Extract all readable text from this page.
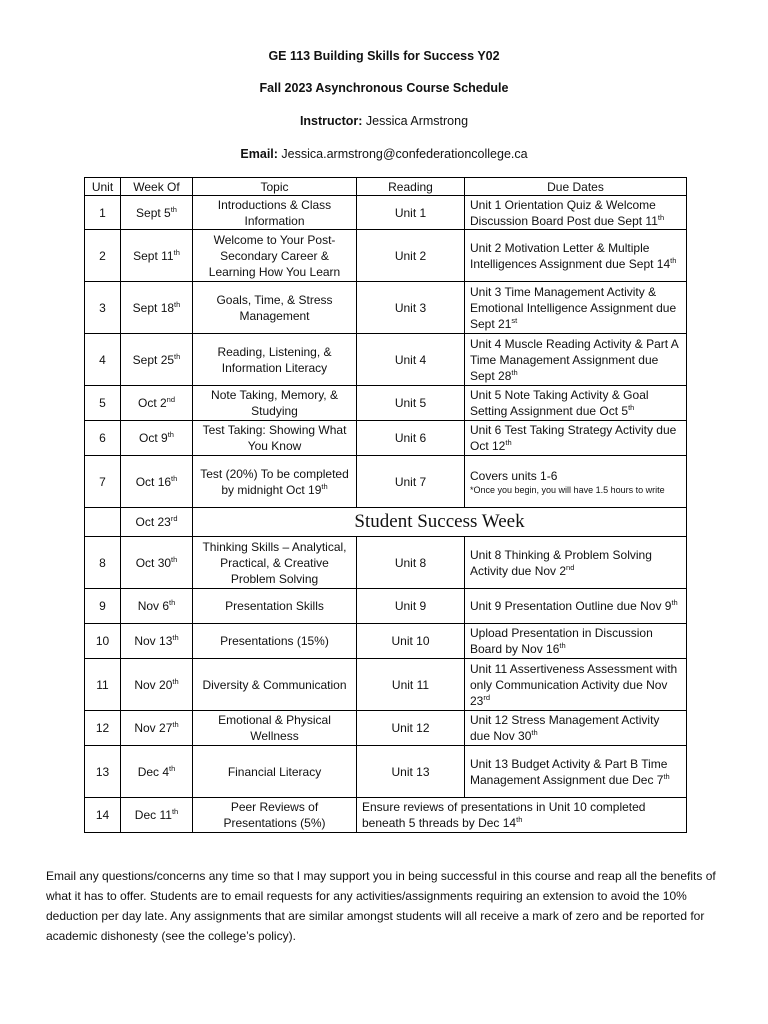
GE 113 Building Skills for Success Y02
Fall 2023 Asynchronous Course Schedule
Instructor: Jessica Armstrong
Email: Jessica.armstrong@confederationcollege.ca
Unit	Week Of	Topic	Reading	Due Dates
1	Sept 5th	Introductions & Class Information	Unit 1	Unit 1 Orientation Quiz & Welcome Discussion Board Post due Sept 11th
2	Sept 11th	Welcome to Your Post-Secondary Career & Learning How You Learn	Unit 2	Unit 2 Motivation Letter & Multiple Intelligences Assignment due Sept 14th
3	Sept 18th	Goals, Time, & Stress Management	Unit 3	Unit 3 Time Management Activity & Emotional Intelligence Assignment due Sept 21st
4	Sept 25th	Reading, Listening, & Information Literacy	Unit 4	Unit 4 Muscle Reading Activity & Part A Time Management Assignment due Sept 28th
5	Oct 2nd	Note Taking, Memory, & Studying	Unit 5	Unit 5 Note Taking Activity & Goal Setting Assignment due Oct 5th
6	Oct 9th	Test Taking: Showing What You Know	Unit 6	Unit 6 Test Taking Strategy Activity due Oct 12th
7	Oct 16th	Test (20%) To be completed by midnight Oct 19th	Unit 7	Covers units 1-6
*Once you begin, you will have 1.5 hours to write

	Oct 23rd	Student Success Week		
8	Oct 30th	Thinking Skills – Analytical, Practical, & Creative Problem Solving	Unit 8	Unit 8 Thinking & Problem Solving Activity due Nov 2nd
9	Nov 6th	Presentation Skills	Unit 9	Unit 9 Presentation Outline due Nov 9th
10	Nov 13th	Presentations (15%)	Unit 10	Upload Presentation in Discussion Board by Nov 16th
11	Nov 20th	Diversity & Communication	Unit 11	Unit 11 Assertiveness Assessment with only Communication Activity due Nov 23rd
12	Nov 27th	Emotional & Physical Wellness	Unit 12	Unit 12 Stress Management Activity due Nov 30th
13	Dec 4th	Financial Literacy	Unit 13	Unit 13 Budget Activity & Part B Time Management Assignment due Dec 7th
14	Dec 11th	Peer Reviews of Presentations (5%)	Ensure reviews of presentations in Unit 10 completed beneath 5 threads by Dec 14th
Email any questions/concerns any time so that I may support you in being successful in this course and reap all the benefits of what it has to offer. Students are to email requests for any activities/assignments requiring an extension to avoid the 10% deduction per day late. Any assignments that are similar amongst students will all receive a mark of zero and be reported for academic dishonesty (see the college’s policy).
